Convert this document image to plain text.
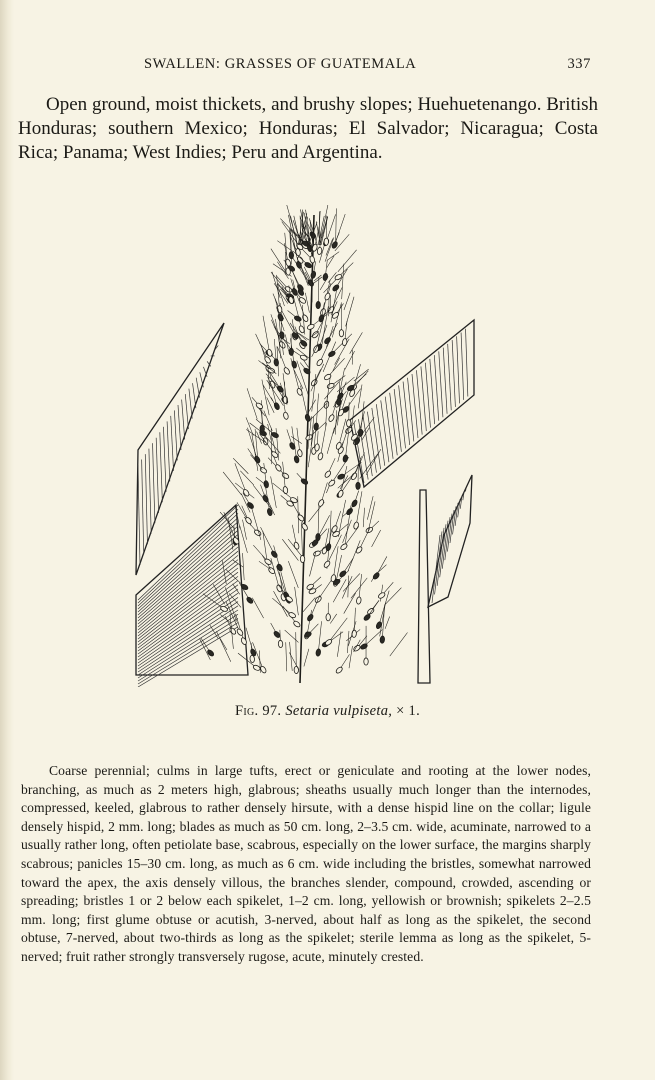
SWALLEN: GRASSES OF GUATEMALA	337
Open ground, moist thickets, and brushy slopes; Huehuetenango. British Honduras; southern Mexico; Honduras; El Salvador; Nicaragua; Costa Rica; Panama; West Indies; Peru and Argentina.
Fig. 97. Setaria vulpiseta, × 1.
Coarse perennial; culms in large tufts, erect or geniculate and rooting at the lower nodes, branching, as much as 2 meters high, glabrous; sheaths usually much longer than the internodes, compressed, keeled, glabrous to rather densely hirsute, with a dense hispid line on the collar; ligule densely hispid, 2 mm. long; blades as much as 50 cm. long, 2–3.5 cm. wide, acuminate, narrowed to a usually rather long, often petiolate base, scabrous, especially on the lower surface, the margins sharply scabrous; panicles 15–30 cm. long, as much as 6 cm. wide including the bristles, somewhat narrowed toward the apex, the axis densely villous, the branches slender, compound, crowded, ascending or spreading; bristles 1 or 2 below each spikelet, 1–2 cm. long, yellowish or brownish; spikelets 2–2.5 mm. long; first glume obtuse or acutish, 3-nerved, about half as long as the spikelet, the second obtuse, 7-nerved, about two-thirds as long as the spikelet; sterile lemma as long as the spikelet, 5-nerved; fruit rather strongly transversely rugose, acute, minutely crested.
